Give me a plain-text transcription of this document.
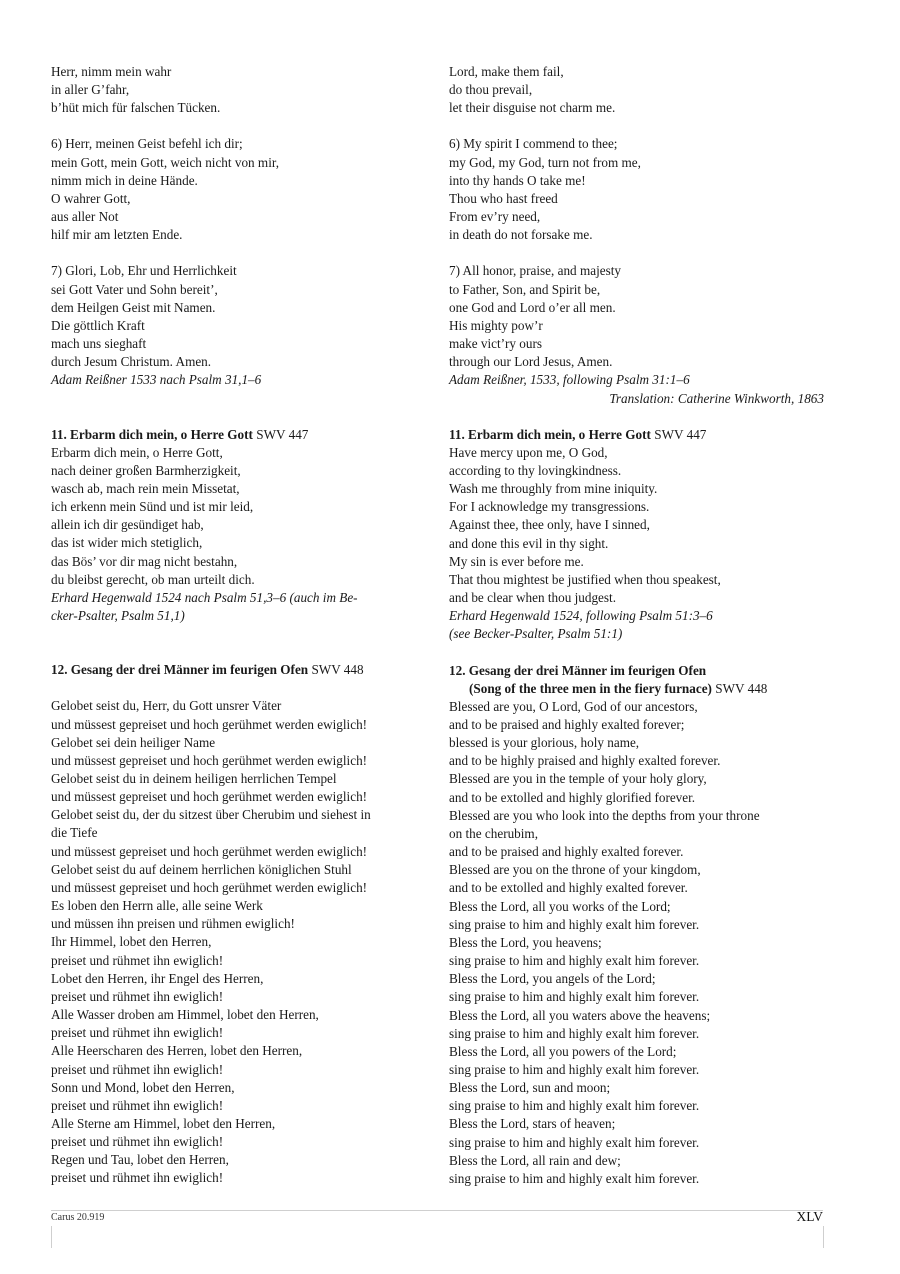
Herr, nimm mein wahr
in aller G’fahr,
b’hüt mich für falschen Tücken.
6) Herr, meinen Geist befehl ich dir;
mein Gott, mein Gott, weich nicht von mir,
nimm mich in deine Hände.
O wahrer Gott,
aus aller Not
hilf mir am letzten Ende.
7) Glori, Lob, Ehr und Herrlichkeit
sei Gott Vater und Sohn bereit’,
dem Heilgen Geist mit Namen.
Die göttlich Kraft
mach uns sieghaft
durch Jesum Christum. Amen.
Adam Reißner 1533 nach Psalm 31,1–6
11. Erbarm dich mein, o Herre Gott SWV 447
Erbarm dich mein, o Herre Gott,
nach deiner großen Barmherzigkeit,
wasch ab, mach rein mein Missetat,
ich erkenn mein Sünd und ist mir leid,
allein ich dir gesündiget hab,
das ist wider mich stetiglich,
das Bös’ vor dir mag nicht bestahn,
du bleibst gerecht, ob man urteilt dich.
Erhard Hegenwald 1524 nach Psalm 51,3–6 (auch im Be-
cker-Psalter, Psalm 51,1)
12. Gesang der drei Männer im feurigen Ofen SWV 448
Gelobet seist du, Herr, du Gott unsrer Väter
und müssest gepreiset und hoch gerühmet werden ewiglich!
Gelobet sei dein heiliger Name
und müssest gepreiset und hoch gerühmet werden ewiglich!
Gelobet seist du in deinem heiligen herrlichen Tempel
und müssest gepreiset und hoch gerühmet werden ewiglich!
Gelobet seist du, der du sitzest über Cherubim und siehest in
die Tiefe
und müssest gepreiset und hoch gerühmet werden ewiglich!
Gelobet seist du auf deinem herrlichen königlichen Stuhl
und müssest gepreiset und hoch gerühmet werden ewiglich!
Es loben den Herrn alle, alle seine Werk
und müssen ihn preisen und rühmen ewiglich!
Ihr Himmel, lobet den Herren,
preiset und rühmet ihn ewiglich!
Lobet den Herren, ihr Engel des Herren,
preiset und rühmet ihn ewiglich!
Alle Wasser droben am Himmel, lobet den Herren,
preiset und rühmet ihn ewiglich!
Alle Heerscharen des Herren, lobet den Herren,
preiset und rühmet ihn ewiglich!
Sonn und Mond, lobet den Herren,
preiset und rühmet ihn ewiglich!
Alle Sterne am Himmel, lobet den Herren,
preiset und rühmet ihn ewiglich!
Regen und Tau, lobet den Herren,
preiset und rühmet ihn ewiglich!
Lord, make them fail,
do thou prevail,
let their disguise not charm me.
6) My spirit I commend to thee;
my God, my God, turn not from me,
into thy hands O take me!
Thou who hast freed
From ev’ry need,
in death do not forsake me.
7) All honor, praise, and majesty
to Father, Son, and Spirit be,
one God and Lord o’er all men.
His mighty pow’r
make vict’ry ours
through our Lord Jesus, Amen.
Adam Reißner, 1533, following Psalm 31:1–6
Translation: Catherine Winkworth, 1863
11. Erbarm dich mein, o Herre Gott SWV 447
Have mercy upon me, O God,
according to thy lovingkindness.
Wash me throughly from mine iniquity.
For I acknowledge my transgressions.
Against thee, thee only, have I sinned,
and done this evil in thy sight.
My sin is ever before me.
That thou mightest be justified when thou speakest,
and be clear when thou judgest.
Erhard Hegenwald 1524, following Psalm 51:3–6
(see Becker-Psalter, Psalm 51:1)
12. Gesang der drei Männer im feurigen Ofen
(Song of the three men in the fiery furnace) SWV 448
Blessed are you, O Lord, God of our ancestors,
and to be praised and highly exalted forever;
blessed is your glorious, holy name,
and to be highly praised and highly exalted forever.
Blessed are you in the temple of your holy glory,
and to be extolled and highly glorified forever.
Blessed are you who look into the depths from your throne
on the cherubim,
and to be praised and highly exalted forever.
Blessed are you on the throne of your kingdom,
and to be extolled and highly exalted forever.
Bless the Lord, all you works of the Lord;
sing praise to him and highly exalt him forever.
Bless the Lord, you heavens;
sing praise to him and highly exalt him forever.
Bless the Lord, you angels of the Lord;
sing praise to him and highly exalt him forever.
Bless the Lord, all you waters above the heavens;
sing praise to him and highly exalt him forever.
Bless the Lord, all you powers of the Lord;
sing praise to him and highly exalt him forever.
Bless the Lord, sun and moon;
sing praise to him and highly exalt him forever.
Bless the Lord, stars of heaven;
sing praise to him and highly exalt him forever.
Bless the Lord, all rain and dew;
sing praise to him and highly exalt him forever.
Carus 20.919	XLV
